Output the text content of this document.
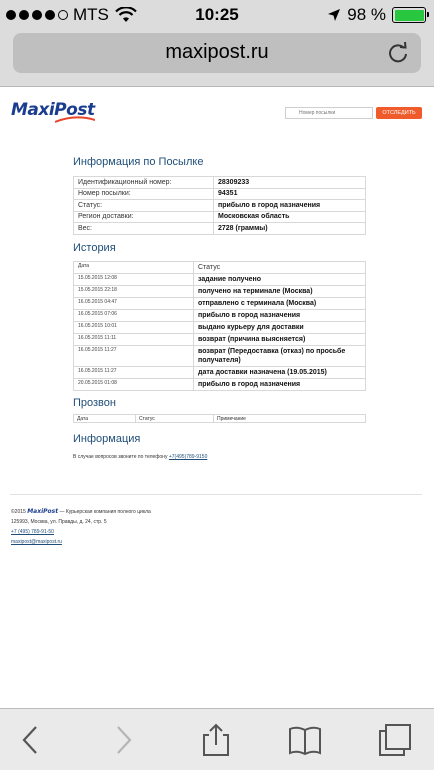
MTS	10:25	98 %
maxipost.ru
MaxiPost
Номер посылки	ОТСЛЕДИТЬ
Информация по Посылке
Идентификационный номер:	28309233
Номер посылки:	94351
Статус:	прибыло в город назначения
Регион доставки:	Московская область
Вес:	2728 (граммы)
История
Дата	Статус
15.05.2015 12:08	задание получено
15.05.2015 22:18	получено на терминале (Москва)
16.05.2015 04:47	отправлено с терминала (Москва)
16.05.2015 07:06	прибыло в город назначения
16.05.2015 10:01	выдано курьеру для доставки
16.05.2015 11:11	возврат (причина выясняется)
16.05.2015 11:27	возврат (Передоставка (отказ) по просьбе получателя)
16.05.2015 11:27	дата доставки назначена (19.05.2015)
20.05.2015 01:08	прибыло в город назначения
Прозвон
Дата	Статус	Примечание
Информация
В случае вопросов звоните по телефону +7(495)789-9150
©2015 MaxiPost — Курьерская компания полного цикла
125993, Москва, ул. Правды, д. 24, стр. 5
+7 (495) 789-91-50
maxipost@maxipost.ru
